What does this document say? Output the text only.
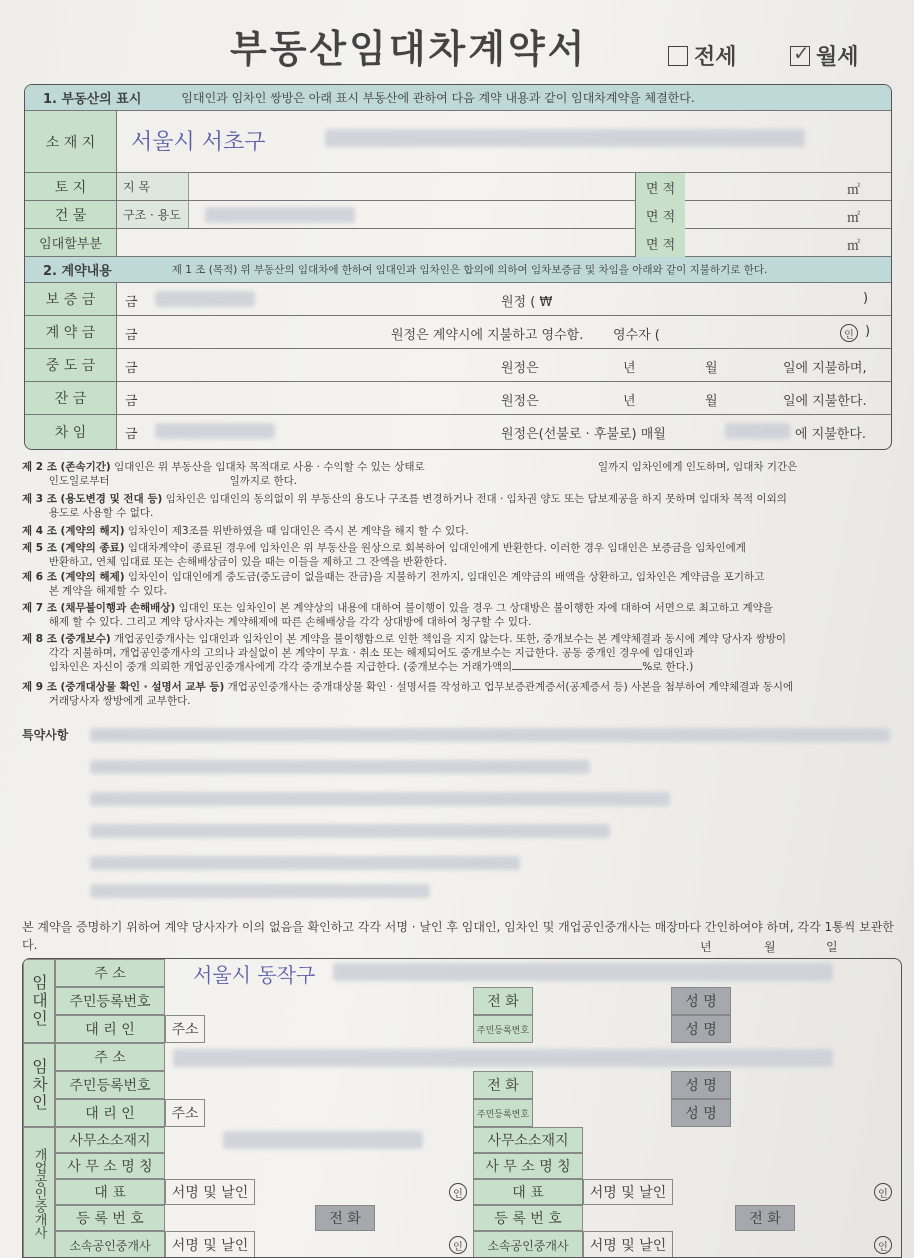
부동산임대차계약서	전세	✓ 월세
1. 부동산의 표시	임대인과 임차인 쌍방은 아래 표시 부동산에 관하여 다음 계약 내용과 같이 임대차계약을 체결한다.
소 재 지	서울시 서초구
토 지	지 목	면 적	㎡
건 물	구조 · 용도	면 적	㎡
임대할부분	면 적	㎡
2. 계약내용	제 1 조 (목적) 위 부동산의 임대차에 한하여 임대인과 임차인은 합의에 의하여 임차보증금 및 차임을 아래와 같이 지불하기로 한다.
보 증 금	금	원정 ( ₩	)
계 약 금	금	원정은 계약시에 지불하고 영수함. 영수자 (	인 )
중 도 금	금	원정은	년	월	일에 지불하며,
잔 금	금	원정은	년	월	일에 지불한다.
차 임	금	원정은(선불로 · 후불로) 매월	에 지불한다.
제 2 조 (존속기간) 임대인은 위 부동산을 임대차 목적대로 사용 · 수익할 수 있는 상태로	일까지 임차인에게 인도하며, 임대차 기간은
인도일로부터	일까지로 한다.
제 3 조 (용도변경 및 전대 등) 임차인은 임대인의 동의없이 위 부동산의 용도나 구조를 변경하거나 전대 · 임차권 양도 또는 담보제공을 하지 못하며 임대차 목적 이외의
용도로 사용할 수 없다.
제 4 조 (계약의 해지) 임차인이 제3조를 위반하였을 때 임대인은 즉시 본 계약을 해지 할 수 있다.
제 5 조 (계약의 종료) 임대차계약이 종료된 경우에 임차인은 위 부동산을 원상으로 회복하여 임대인에게 반환한다. 이러한 경우 임대인은 보증금을 임차인에게
반환하고, 연체 임대료 또는 손해배상금이 있을 때는 이들을 제하고 그 잔액을 반환한다.
제 6 조 (계약의 해제) 임차인이 임대인에게 중도금(중도금이 없을때는 잔금)을 지불하기 전까지, 임대인은 계약금의 배액을 상환하고, 임차인은 계약금을 포기하고
본 계약을 해제할 수 있다.
제 7 조 (채무불이행과 손해배상) 임대인 또는 임차인이 본 계약상의 내용에 대하여 불이행이 있을 경우 그 상대방은 불이행한 자에 대하여 서면으로 최고하고 계약을
해제 할 수 있다. 그리고 계약 당사자는 계약해제에 따른 손해배상을 각각 상대방에 대하여 청구할 수 있다.
제 8 조 (중개보수) 개업공인중개사는 임대인과 임차인이 본 계약을 불이행함으로 인한 책임을 지지 않는다. 또한, 중개보수는 본 계약체결과 동시에 계약 당사자 쌍방이
각각 지불하며, 개업공인중개사의 고의나 과실없이 본 계약이 무효 · 취소 또는 해제되어도 중개보수는 지급한다. 공동 중개인 경우에 임대인과
임차인은 자신이 중개 의뢰한 개업공인중개사에게 각각 중개보수를 지급한다. (중개보수는 거래가액의	%로 한다.)
제 9 조 (중개대상물 확인 · 설명서 교부 등) 개업공인중개사는 중개대상물 확인 · 설명서를 작성하고 업무보증관계증서(공제증서 등) 사본을 첨부하여 계약체결과 동시에
거래당사자 쌍방에게 교부한다.
특약사항
본 계약을 증명하기 위하여 계약 당사자가 이의 없음을 확인하고 각각 서명 · 날인 후 임대인, 임차인 및 개업공인중개사는 매장마다 간인하여야 하며, 각각 1통씩 보관한다.	년	월	일
임대인	주 소	서울시 동작구
주민등록번호	전 화	성 명
대 리 인	주소	주민등록번호	성 명
임차인	주 소
주민등록번호	전 화	성 명
대 리 인	주소	주민등록번호	성 명
개업공인중개사
사무소소재지	사무소소재지
사 무 소 명 칭	사 무 소 명 칭
대 표	서명 및 날인	인	대 표	서명 및 날인	인
등 록 번 호	전 화	등 록 번 호	전 화
소속공인중개사	서명 및 날인	인	소속공인중개사	서명 및 날인	인
